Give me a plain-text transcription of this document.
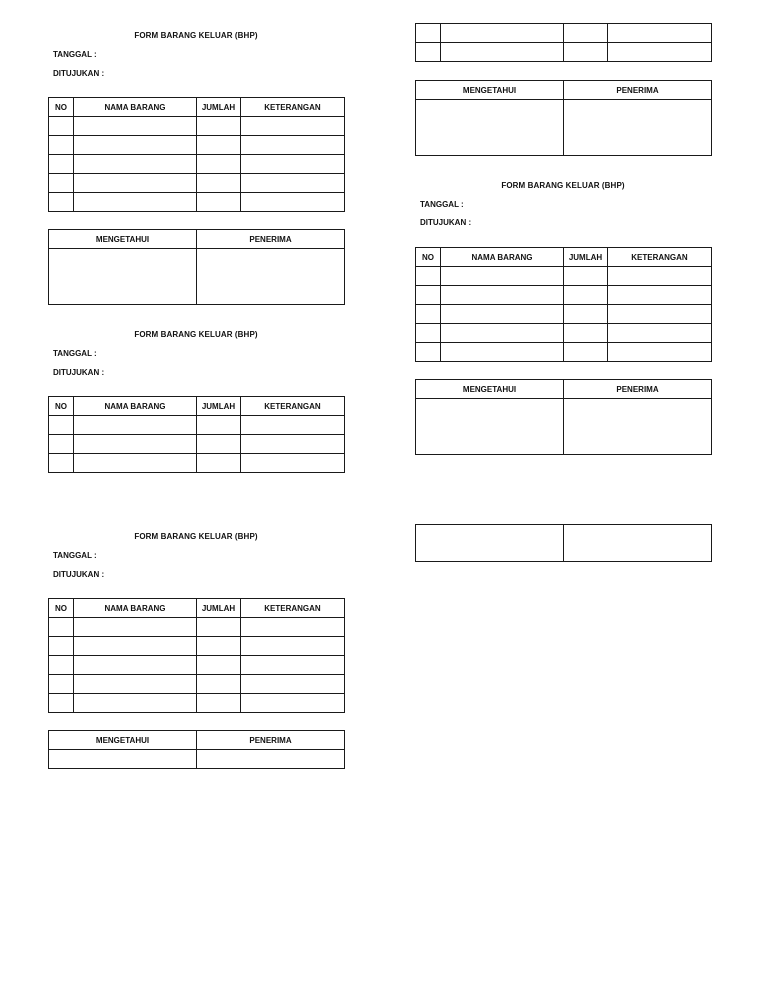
FORM BARANG KELUAR (BHP)
TANGGAL :
DITUJUKAN :
NO	NAMA BARANG	JUMLAH	KETERANGAN

MENGETAHUI	PENERIMA

FORM BARANG KELUAR (BHP)
TANGGAL :
DITUJUKAN :
NO	NAMA BARANG	JUMLAH	KETERANGAN

FORM BARANG KELUAR (BHP)
TANGGAL :
DITUJUKAN :
NO	NAMA BARANG	JUMLAH	KETERANGAN

MENGETAHUI	PENERIMA

MENGETAHUI	PENERIMA

FORM BARANG KELUAR (BHP)
TANGGAL :
DITUJUKAN :
NO	NAMA BARANG	JUMLAH	KETERANGAN

MENGETAHUI	PENERIMA
